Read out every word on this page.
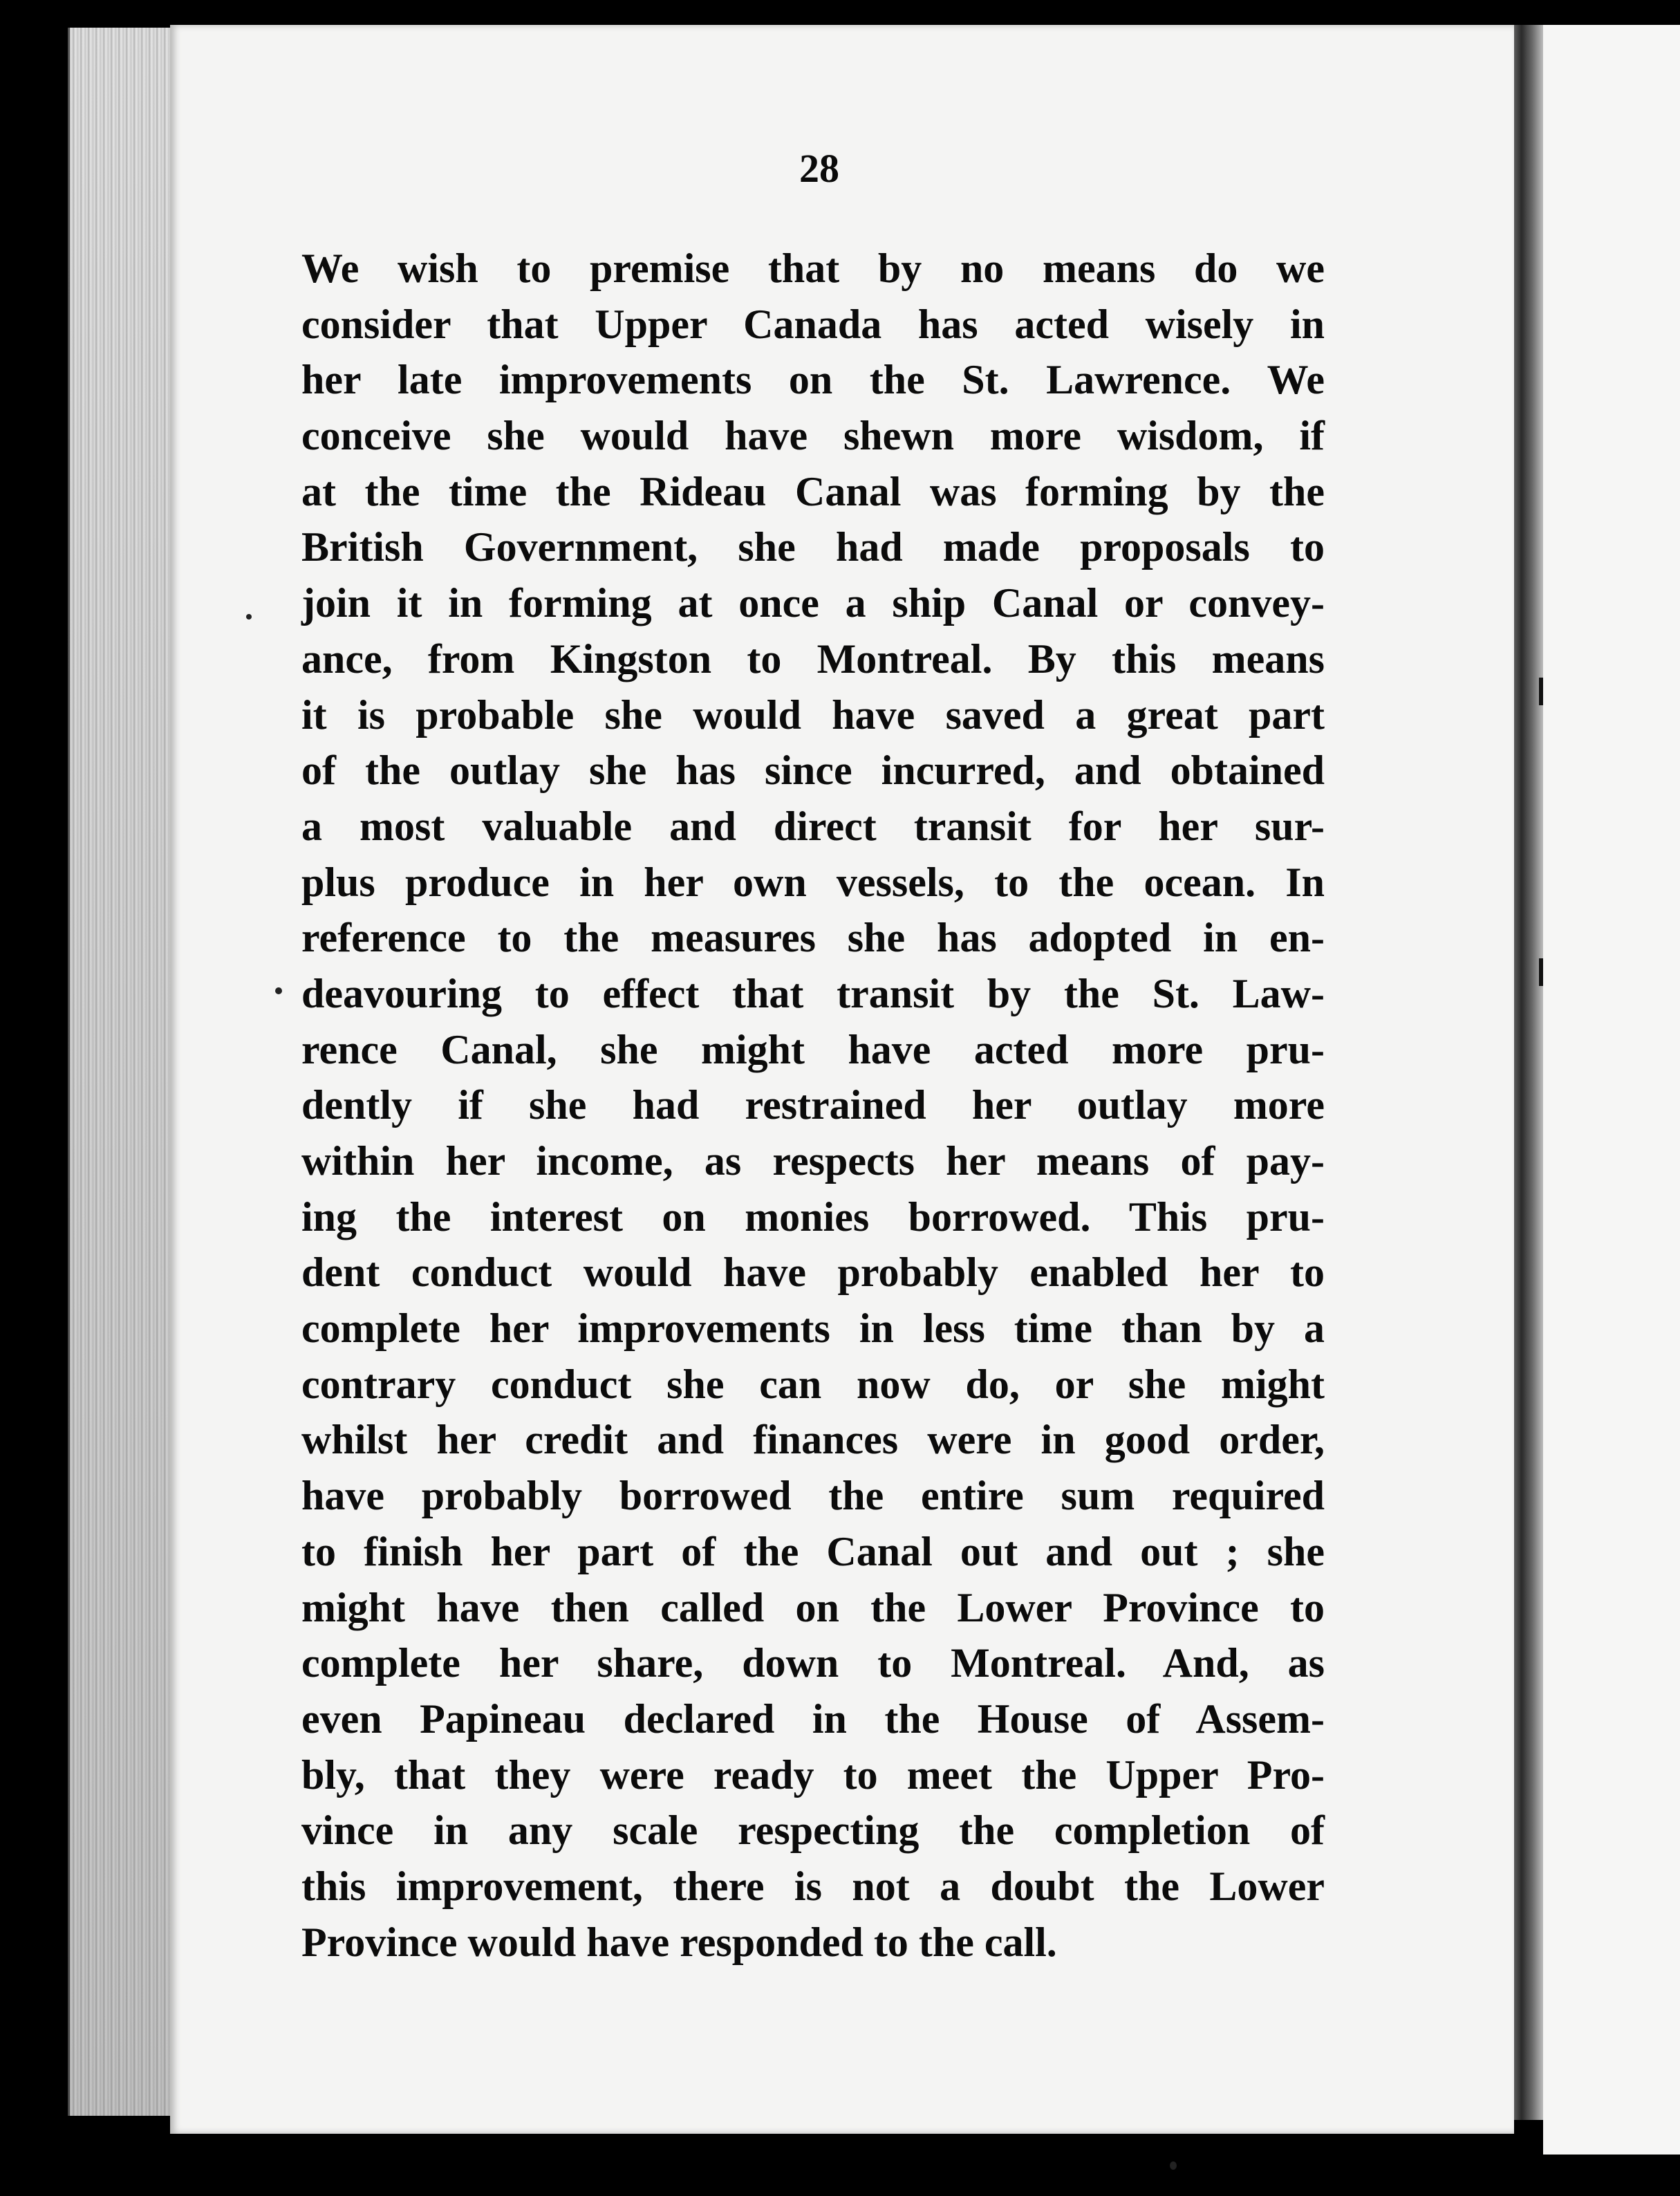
28
We wish to premise that by no means do we
consider that Upper Canada has acted wisely in
her late improvements on the St. Lawrence. We
conceive she would have shewn more wisdom, if
at the time the Rideau Canal was forming by the
British Government, she had made proposals to
join it in forming at once a ship Canal or convey-
ance, from Kingston to Montreal. By this means
it is probable she would have saved a great part
of the outlay she has since incurred, and obtained
a most valuable and direct transit for her sur-
plus produce in her own vessels, to the ocean. In
reference to the measures she has adopted in en-
deavouring to effect that transit by the St. Law-
rence Canal, she might have acted more pru-
dently if she had restrained her outlay more
within her income, as respects her means of pay-
ing the interest on monies borrowed. This pru-
dent conduct would have probably enabled her to
complete her improvements in less time than by a
contrary conduct she can now do, or she might
whilst her credit and finances were in good order,
have probably borrowed the entire sum required
to finish her part of the Canal out and out ; she
might have then called on the Lower Province to
complete her share, down to Montreal. And, as
even Papineau declared in the House of Assem-
bly, that they were ready to meet the Upper Pro-
vince in any scale respecting the completion of
this improvement, there is not a doubt the Lower
Province would have responded to the call.
